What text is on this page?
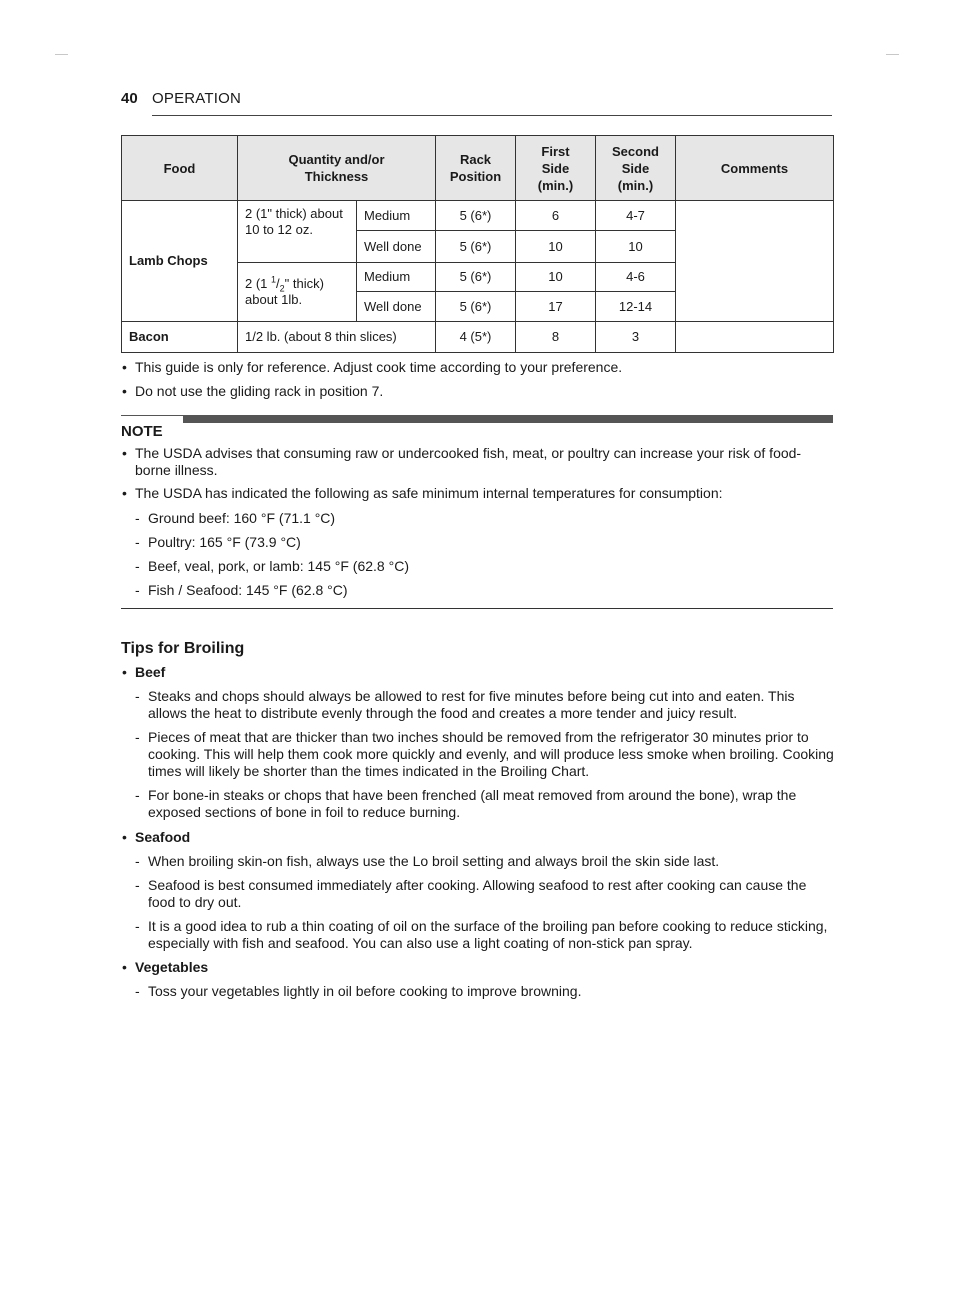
40 OPERATION
Food	Quantity and/or Thickness		Rack Position	First Side (min.)	Second Side (min.)	Comments
Lamb Chops	2 (1" thick) about 10 to 12 oz.	Medium	5 (6*)	6	4-7	
		Well done	5 (6*)	10	10	
	2 (1 $^1/_2$" thick) about 1lb.	Medium	5 (6*)	10	4-6	
		Well done	5 (6*)	17	12-14	
Bacon	1/2 lb. (about 8 thin slices)		4 (5*)	8	3	
• This guide is only for reference. Adjust cook time according to your preference.
• Do not use the gliding rack in position 7.
NOTE
• The USDA advises that consuming raw or undercooked fish, meat, or poultry can increase your risk of food-borne illness.
• The USDA has indicated the following as safe minimum internal temperatures for consumption:
- Ground beef: 160 °F (71.1 °C)
- Poultry: 165 °F (73.9 °C)
- Beef, veal, pork, or lamb: 145 °F (62.8 °C)
- Fish / Seafood: 145 °F (62.8 °C)
Tips for Broiling
• Beef
- Steaks and chops should always be allowed to rest for five minutes before being cut into and eaten. This allows the heat to distribute evenly through the food and creates a more tender and juicy result.
- Pieces of meat that are thicker than two inches should be removed from the refrigerator 30 minutes prior to cooking. This will help them cook more quickly and evenly, and will produce less smoke when broiling. Cooking times will likely be shorter than the times indicated in the Broiling Chart.
- For bone-in steaks or chops that have been frenched (all meat removed from around the bone), wrap the exposed sections of bone in foil to reduce burning.
• Seafood
- When broiling skin-on fish, always use the Lo broil setting and always broil the skin side last.
- Seafood is best consumed immediately after cooking. Allowing seafood to rest after cooking can cause the food to dry out.
- It is a good idea to rub a thin coating of oil on the surface of the broiling pan before cooking to reduce sticking, especially with fish and seafood. You can also use a light coating of non-stick pan spray.
• Vegetables
- Toss your vegetables lightly in oil before cooking to improve browning.
